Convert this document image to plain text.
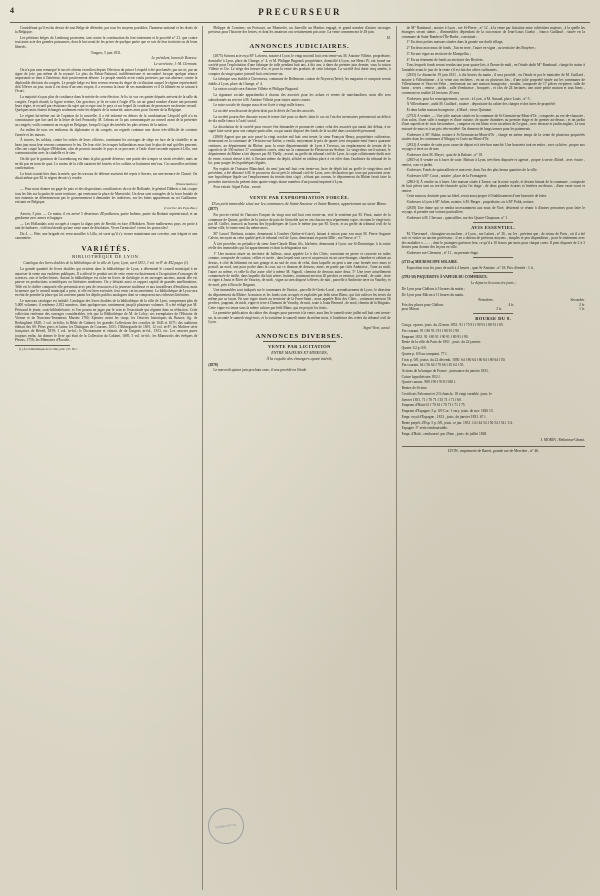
4	PRECURSEUR

Considérant qu'il est du devoir de tout Belge de défendre, par tous les moyens possibles, l'honneur national et les droits de la Belgique;

Les pétitions belges du Limbourg protestent, tant contre la continuation du lent traitement et le procédé n° 21, que contre tout autre acte des grandes puissances, dont le but serait de les priver de quelque partie que ce soit de leur territoire ou de leurs libertés.

Tongres, 5 juin 1831.

Le président, baron de Renesse.

Le secrétaire, J.-M. Clermont.

On n'a pas sans remarqué le succès obtenu en milieu depuis l'élection du prince Léopold à été proclamée; par un cri, par un signe de joie, pas même de la royauté. Le plus du Palais-National, indifférentisme et encombré lorsque quelque séance importante se tient à l'intérieur; était positivement déserte. Le peuple semble avoir voulu protester, par son absence, contre la déplorable décision du congrès. Le peuple belge est bien revenu revenu du degré de civilisation auquel le régime représentatif doit l'élever au jour, mais il est donc d'un sens exquis; il a reconnu la faute de ses mandataires et il l'a blâmée en se taisant à l'écart.

La majorité n'a pas plus de confiance dans le mérite de cette élection. Je lis ici vos ces panier députés arrivent de la salle du congrès, l'esprit chaudi, la figure sereine, l'air gracieux; je lis en vain à l'aigle d'Or, un air grand nombre d'autre ont pressenti leurs règne, et recueil par résistance du sujet qui occupe tout le pays et sur lequel ils voudront de prononcer un dernier recueil. Quelques mots étaient échangés seulement entre les députés de la minorité; autres ainsi pour l'avenir de la Belgique.

Le régent lui-même ont de l'opinion de la nouvelle; il a été informé en dehors de la combinaison Léopold qu'il n'a eu connaissance que fort tard de la lettre de lord Ponsonby. M. Lebeau ne l'a pas communiquée au conseil avant de la présenter au congrès; voilà comment on en agit en Belgique, lorsqu'il s'agit des intérêts les plus sérieux de la nation.

Au milieu de tous ces embarras du diplomatie et du congrès, un regards continue une chose très-difficile de contenir l'armée et les masses.

À travers, les soldats, contre les ordres de leurs officiers, continuent les ouvrages de siège en face de la citadelle; et un beau jour nous leur verrons commencer le feu. De leur côté, les troupes hollandaises nous font le plus de mal qu'elles peuvent; elles ont coupé la digue d'Hoboken, afin de pouvoir inonder le pays et se procurer, à l'aide d'une seconde rupture à Lillo, une communication avec la citadelle et le sien.

On dit que le garnison de Luxembourg est dans la plus grande détresse; une partie des troupes se serait révoltée; mais on ne dit pas en nom de quoi. Le moins de la ville auraient été brisées et les soldats se battraient entr'eux. Ces nouvelles méritent confirmation.

La bruit courait hier dans la mirée, que les travaux de défense assistent été repris à Anvers, sur une menace de Chassé. On disait même que M. le régent devait s'y rendre.

(Emancipation.)

— Pour nous donner un gage de paix et des dispositions conciliatrices du roi de Hollande, le général Dibbets a fait couper tous les liés sur la partie de notre territoire, qui environne la place de Maestricht. Un deux sont outragées de la force brutale de nos ennemis ne détermineront pas le gouvernement à demander les intérieurs, sur les biens appartenant au roi Guillaume; existant en Belgique.

(Courrier des Pays-Bas.)

Anvers, 5 juin. — Ce matin, il est arrivé 5 déserteurs d'Eyndhoven, partie Indiens, partie du Brabant septentrional; et un gendarme avec armes et bagages.

— Les Hollandais sont occupés à couper la digue près de Berchit en face d'Hoboken. Notre malheureux pays, en proie à tant de barbares , s'offrira bientôt qu'une vaste mare de désolation. Vivez l'armistice! vivent les protocoles!

Du 4. — Hier, une brigade est venu mouiller à Lillo, où sorte qu'il s'y trouve maintenant une corvette, une frégate et une canonnière.

VARIÉTÉS.
BIBLIOTHÈQUE DE LYON.

Catalogue des livres doubles de la bibliothèque de la ville de Lyon; Lyon, avril 1831; 1 vol. in-8° de 492 pages (1).

La grande quantité de livres doubles qui existent dans la bibliothèque de Lyon, a déterminé le conseil municipal à en autoriser la vente aux enchères publiques. Il a affecté le produit net de cette vente exclusivement à l'acquisition d'ouvrages de sciences, arts et belles-lettres. Autant la bibliothèque est riche en livres de théologie et en ouvrages anciens, autant elle est pauvre en productions scientifiques ou littéraires modernes. On y désirait aussi ce rapport capital de grandes améliorations. Telle est le chiffre composée elle présentait avec peu de ressources à la jeunesse studieuse et aux travailleurs d'érudition; mais la mesure que le conseil municipal a prise, si elle est bien exécutée, fera venir cet inconvénient. La bibliothèque de Lyon sera en état de prendre la place qui lui convient parmi les dépôts publics analogues dont se composent nos richesses littéraires.

Le nouveau catalogue est intitulé: Catalogue des livres doubles de la bibliothèque de la ville de Lyon, comprenant plus de 5,000 volumes; il renferme 2,812 numéros, dont quelques-uns contiennent jusqu'à plusieurs volumes. Il a été rédigé par M. Péricaud le jeune, sous-bibliothécaire, et l'on pourra en juger par le soin et l'exactitude qui règnent dans sa rédaction. Cette collection renferme des ouvrages considérables, tels que la Bibliothèque de M. de Leloy; ses exemplaires de l'Histoire de Vienne et de Nouveau-Testament; Martini 1700; Epistres avant les cinqs; les Oeuvres historiques du Bourse, fig. de Berlinghieri 1828; 1 vol. in-folio; la Bible de Cabinet; les grandes Collections des conciles de 1643 et 1671; des auditeurs édition des SS. Pères grecs et latins; les Dialogues de Courons, 1651; l'Abbregonde de 1691, 12 vol. in-8°; les Moliere série françaises de Réveil, 1819; 1 vol. in-fol.; le Dictionnaire et chinois de de Guignes in-fol., 1813, etc. Les oeuvres pures toujours enfin, fut donner le livre qui était de la Collection du Cabinet, 1695, 5 vol. in-fol.; les Manuscrits des évêques de Plessis, 1756; les Mémoires d'Escolte...

(1) À la bibliothèque de la ville, prix: 2 fr. 50 c.

Philippe de Comines; un Froissart, un Montrelet, un Joinville un Martins engagé, et grand nombre d'autres ouvrages précieux pour l'histoire des lettres, et dont les amateurs ont certainement pris note. La vente commencera le 28 juin.

M.

ANNONCES JUDICIAIRES.

(2875) Suivant acte reçu M° Laforest, notaire à Lyon, le vingt mai mil huit cent trente-un, M. Antoine Villette, propriétaire, domicilié à Lyon, place du Change, n° 4, et M. Philippe Bugnard, propriétaire, domicilié à Lyon, rue Henri IV, ont formé sur société pour l'exploitation d'une fabrique de tulle pendant huit ans, à dix ans, à dater du premier juin dernier, sous la raison Villette et Cie. Le siège des ferrure d'or, et pour la vente des produits de cette fabrique. La société doit durer cinq années, à compter du vingt-quatre juin mil huit cent trente-un.

La fabrique sera établie à Cheveneux, commune de Bellemont, canton de Neyzieu (Isère); les magasins et comptoir seront établis à Lyon, place du Change, n° 4.

La raison sociale sera Antoine Villette et Philippe Bugnard.

La signature sociale appartiendra à chacun des associés pour les achats et ventes de marchandises; mais elle sera subordonnée au service à M. Antoine Villette pour toutes autres causes.

Le mise sociale de chaque associé est fixée à vingt mille francs.

La société sera dissoute de plein droit par le décès de l'un des associés.

La société pourra être dissoute avant le terme fixé pour sa durée, dans le cas où l'un des inventaires présenterait un déficit de dix mille francs à l'actif social.

La dissolution de la société pour encore être demandée et prononcée contre celui des associés qui aurait fait défaut, à ne signé faire sortir pour son compte particulier, ou qui aurait disposé des fonds de la société dans son intérêt personnel.

(2869) Apport que par acte passé la vingt octobre mil huit cent trente, la sieur François Henry, propriétaire cultivateur, demeurant en la commune de Vérissieu-sur-Saône, a vendu, moyennant le prix de quatre cent cinquante-neuf francs quarante centimes, au département du Rhône, pour la route départementale de Lyon à Trevoux, un emplacement de terrain de la superficie de 350 mètres 37 centimètres carrés, ainsi sur la commune de Plessieux-au-Serlme. Le vingt-deux avril suivant, le département du Rhône a fait déposer par M. Thelly , avoué, au greffe du tribunal civil de Lyon, la copie collationnée dudit acte de vente, extrait dressé à été, à l'instant même du dépôt, affiché en tableau placé à cet effet dans l'auditoire du tribunal de la loi, pour purger les hypothèques légales.

Par exploit de l'huissier Blanchard, du neuf juin mil huit cent trente-un, lacte de dépôt fait au greffe le vingt-deux avril précédent, a été dénoncé à M. le procureur du roi près le tribunal civil de Lyon, avec déclaration que ceux qui pouvaient avoir une hypothèque légale sur l'emplacement du terrain dont s'agit , n'étant pas connus, le département du Rhône ferait faire la première insertion du présent dans quatre-vingts douze numéros d'un journal imprimé à Lyon.

Pour extrait: Signé Polus , avoué.

VENTE PAR EXPROPRIATION FORCÉE.
D'un petit immeuble situé sur les communes de Saint-Sauveur et Saint-Bonnet, appartenant au sieur Blanc.

(2877)

Par procès-verbal de l'huissier Farquet du vingt mai mil huit cent trente-un, visé le seizième par M. Pinot, maire de la commune de Quinet, greffier de la justice de paix de Grenoble qui en ont chacun reçu séparément copie, reconnu le vingt-trois par M. Grillet, transcrit au bureau des hypothèques de Lyon le même jour par M. Goyet, et au greffe du tribunal civil de la même ville, le trente-neuf du même mois.

M° Laurel Thiebaut, notaire, demeurant à Condres (Saône-et-Loire), faisant à raison pour son mari M. Pierre Auguste Calvin, envoyait au cette qualité près le tribunal civil de Lyon; demeurant en partie Mlle , rue Neuve, n° 7.

À fait procéder, en préjudice du sieur Jean-Claude Blanc fils, bûcheter, demeurant à Lyon, rue St-Dominique, à la saisie réelle des immeubles qui lui appartiennent et dont la désignation suit :

1° Une maison située au territoire de Jailleux, aussi appelée Le à des Côtes, consistant en pierre et couverte en tuiles comme, composée de cuisine, cellier et cuvée , dans lequel sont cave et un pressoir ou un cave-étranger, chambre et cabinet au dessus, à côté du bâtiment est une grange et au sud de ceux de celui, dans laquelle on peut a une cour fermée avec murs et portail; an nord, une pour poche dans la cour, sur ce thoman de dessous, entre, en partie par cités Ambroise , l'une au midi, l'autre au même, et celle-là d'un autre côté à même M. Signoli, chemins de dessous autre deux. 5° Une terre actuellement commencée de treille, dans laquelle dix huit arbres fruitiers, contenant environ 20 perches or environ, joi-midi , de suite , terre et vigne à Jouin et Rivet de Vauzioy, de midi , vigne au sien disposé à élèves; de nuit , parcelle à Ambroise terre ou Vauriby; et de nord, près à Brou de Brignais.

Une immeubles sont indiqués sur le communes de Vaurias , parcelle St-Genis-Laval , arrondissement de Lyon ; le directeur du département du Rhône; la maison et les fonds sont occupés et exploités par ledit sieur Blanc, qui fait cultiver les terres du même par sa façon. En une vigne située au territoire de la Furet-Saint , nous appelée Bois des Côtes , contenant environ 56 perches, jaugeant, de midi, vigne et terre à Dumont de Vauriby, de nuit, route à Jouin Bernard , de nord, chemin de la Brignais. Cette vigne est tenue sous la même culture par ledit Blanc, qui en perçoit les fruits.

La première publication du cahier des charges pour parvenir à la vente, aura lieu le samedi seize juillet mil huit cent trente-un, la seconde le samedi vingt-trois, et la troisième le samedi trente du même mois, à l'audience des criées du tribunal civil de Lyon.

Signé Viort, avoué.

ANNONCES DIVERSES.
VENTE PAR LICITATION
ENTRE MAJEURS ET MINEURS,
À la requête des étrangers ayant intérêt,

(2878)

Le mercredi quinze juin prochain onze, il sera procédé en l'étude

de M° Rambaud , notaire à Lyon , rue St-Pierre , n° 12 , à la vente par licitation entre cohéritiers majeurs , à la quelle les étrangers seront admis , d'immeubles dépendant de la succession de Jean-Louis Guelot , franco Guillaud , située en la commune de Saint-Rambert-l'Île-Barbe , consistant :

1° En deux petites maisons situées dans la grande rue dudit village,

2° En deux morceaux de fonds , l'un en terre , l'autre en vigne , au territoire des Bruyères ;

3° En une vigne au territoire de Montpellas ;

4° En un tènement de fonds au territoire des Rivières.

Tous lesquels fonds seront vendus tant pour quatre lots, à l'heure de midi , en l'étude dudit M° Rambaud , chargé de traiter à l'amiable avant le jour de la vente s'il est fait des offres suffisantes.

(2815) Le dimanche 19 juin 1831 , à dix heures du matin , il sera procédé , en l'étude et par le ministère de M. Guillard , notaire à Villeurbanne , à la vente aux enchères , en un ou plusieurs lots , d'une jolie propriété située sur les communes de Villeurbanne et Vaux-en-Velin , renfermant sur une maison bourgeoise , moulin, composée de 17 pièces en-pierre; salle de bains , serres , remise , jardin , salle d'embrasse , bosquets , et clos de 24 hectares; une autre petite maison et tous biens , contenant en totalité 24 hectares 20 ares.

S'adresser, pour les renseignements , savoir : à Lyon , à M. Arnaud, place Louis , n° 5 ;

À Villeurbanne , audit M. Guillard , notaire , dépositaire du cahier des charges et des titres de propriété;

Et dans ladite maison bourgeoise , à Mard , vieux Quintaut.

(2752) A vendre. — Une jolie maison située en la commune de St-Germain-au-Mont-d'Or , composée, au rez-de-chaussée , d'un salon, d'une salle à manger et d'une cuisine, de quatre chambres au premier étage et de grenier au-dessus ; et un jardin d'une superficie de trois hectomètres , comprise en vin blanc et en un arbres de l'a-gnot , avec terrasse et jardin anglais. Le tout entouré de murs et à un prix très-modéré. On donnera de longs termes pour les paiements.

S'adresser à M° Bobin, notaire à St-Germain-au-Mont-d'Or , chargé en même temps de la vente de plusieurs propriétés situées dans les communes d'Albigny et Curis-au-Mont-d'Or.

(2812) A vendre de suite pour cause de départ et à très-bon marché. Une brasserie tout en entier , avec sa bière , propre aux voyages à terre ou de mer.

S'adresser chez M. Mayet , quai de la Balaise , n° 18.

(2855-a) A vendre ou à louer de suite. Maison à Lyon, très-bien disposée et agreste , propre à servir d'hôtel , avec écurie , remise, cour et jardin.

S'adresser, Fonds de quincaillerie et mercerie, dans l'un des plus beaux quartiers de la ville.

S'adresser à M° Court , notaire , place de la Fromagerie.

(2863-3) À vendre ou à louer. Une maison située à Tarare, sur la route royale, et devant faisant de la commune , composée de huit pièces tant au rez-de-chaussée qu'au 1er étage , de deux grandes écuries et fenières au-dessus , d'une vaste court et remise.

Cette maison, destinée pour un hôtel, serait aussi propre à l'établissement d'une brasserie de bière.

S'adresser à Lyon à M° Julien, notaire; à M. Berger , propriétaire, ou à M° Pobit, notaire.

(2818) Une dame qui se rendra incessamment aux eaux de Vizé, désirerait se réunir à d'autres personnes pour faire le voyage, et prendre une voiture particulière.

S'adresser à M. Chevaux , quincaillier, rue des Quatre-Chapeaux, n° 1.

AVIS ESSENTIEL.

M. Thevenard , chirurgien-accoucheur , à Lyon , rue Lafont , n° 26 , au 1er , prévient que , de retour de Paris , où il a été voir et visiter un ancien professeur , il en a obtenu de précieux moyens , simples et peu dispendieux , pour le traitement avec des maladies v........ , dont le promptes guérison fera, ce qu'il a 10 francs par mois pour chaque cures. Il peut disposer de 2 à 3 heures pour donner des leçons en ville.

S'adresser rue Clermont , n° 11 , au premier étage.

(2715-a) MICROSCOPE SOLAIRE.

Exposition tous les jours de midi à 4 heures , quai St-Antoine , n° 18. Prix d'entrée : 1 fr.

(2792-50) PAQUEBOTS À VAPEUR DU COMMERCE.

Le départ a lieu tous les jours ;

De Lyon pour Châlons à 5 heures du matin ;

De Lyon pour Mâcon à 11 heures du matin.

Premières.	Secondes.
Prix des places pour Châlons	4 fr.	2 fr.
pour Mâcon	3 fr.	1 fr.
BOURSE DU 8.

Cinq p. oposes. jouis. du 22 mars 1851. 91 f 75 91 f 90 91 f 80 91 f 85.

Fin courant. 91 f 80 91 f 91 f 80 91 f 90

Emprunt 1831. 91 f 80 91 f 90 91 f 80 91 f 90.

Rente de la ville de Paris de 1851 , jouis. du 22 janvier.

Quatre 1/2 p. 0/0.

Quatre p. 0/0 au comptant. 77 f.

Trois p. 0/0, jouiss. du 22 décemb. 1850. 64 f 80 64 f 60 64 f 80 64 f 50.

Fin courant. 64 f 56 64 f 70 66 f 45 64 f 55.

Actions de la banque de France , jouissance du janvier 1831.

Caisse hypothécaire. 852 f.

Quatre canaux. 980 f 90 f 918 f 940 f.

Rentes de St-sine.

Certificats Falconnet et 2/3 chancla. 18 vingt variable. jouis. le

Janvier 1831. 71 f 70 71 f 35 71 f 71 f 60.

Emprunt d'Haïti 61 f 70 61 f 70 71 f 71 f 75.

Emprunt d'Espagne, 5 p. 0/0 Cor. 1 vary. jouis. de nov. 1826 15.

Empr. royal d'Espagne , 1813 , jouis. du janvier 1831. 67 f.

Rente perpét. d'Esp. 5 p. 0/0, jouis. ce jan. 1831. 14 f 44 54 f 50 54 f 54 f 1/4.

Espagne. 5° série remboursable.

Empr. d'Haïti , remboursé. par 25me , jouis. de juillet 1828.

J. MORIN , Rédacteur-Gérant.

LYON , imprimerie de Barret, grande rue de Mercière , n° 46.
TIMBRE ROYAL
